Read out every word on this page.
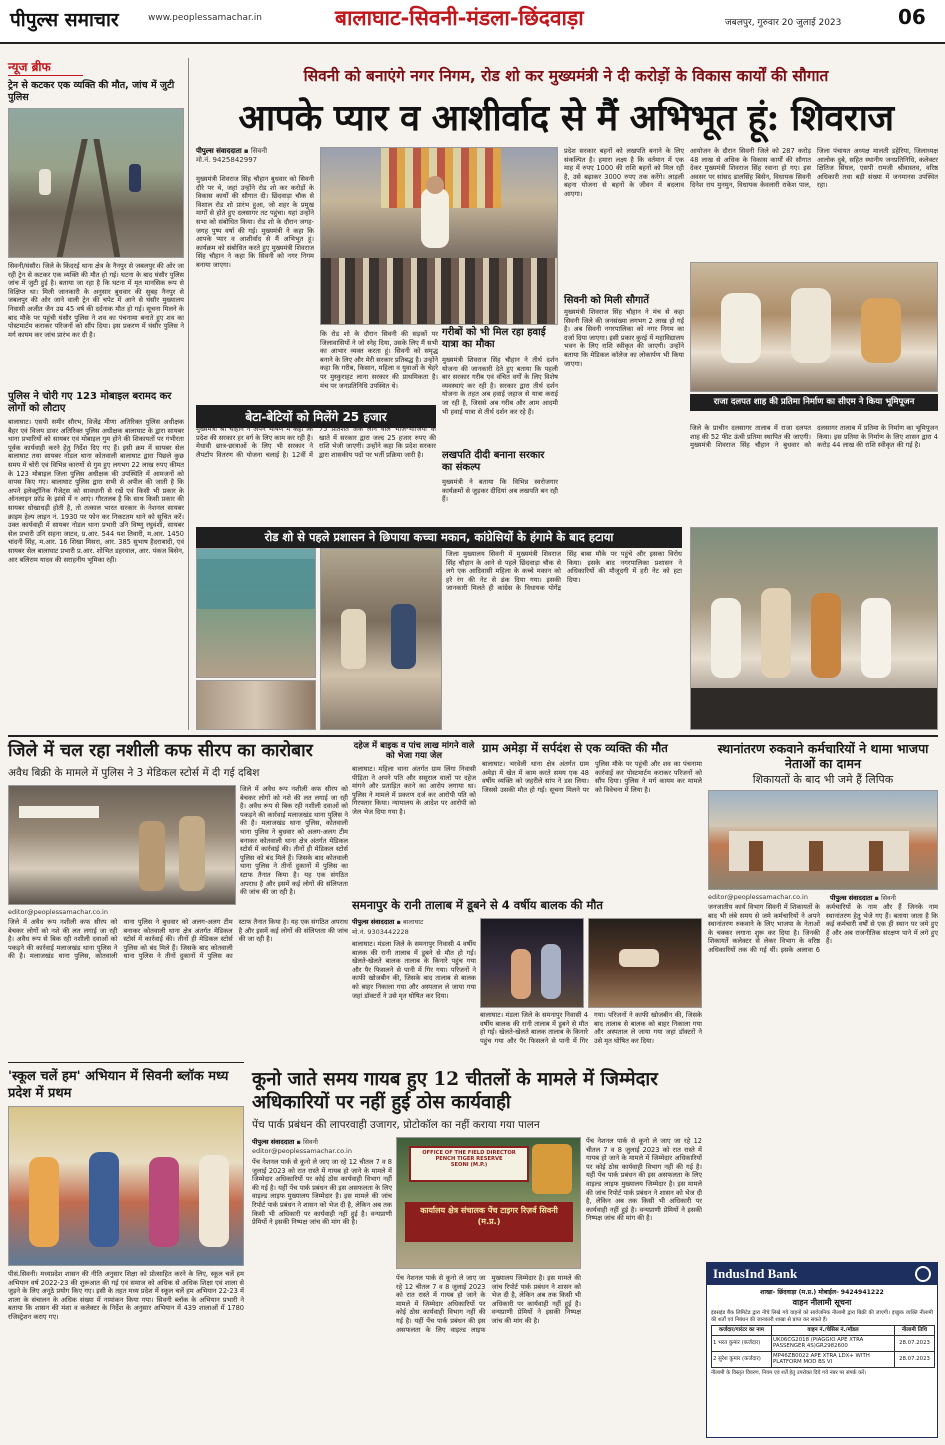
पीपुल्स समाचार	www.peoplessamachar.in	बालाघाट-सिवनी-मंडला-छिंदवाड़ा	जबलपुर, गुरुवार 20 जुलाई 2023	06
न्यूज ब्रीफ
ट्रेन से कटकर एक व्यक्ति की मौत, जांच में जुटी पुलिस
सिवनी/घंसौर। जिले के किंदरई थाना क्षेत्र के नैनपुर से जबलपुर की ओर जा रही ट्रेन से कटकर एक व्यक्ति की मौत हो गई। घटना के बाद घंसौर पुलिस जांच में जुटी हुई है। बताया जा रहा है कि घटना में मृत मानसिक रूप से विक्षिप्त था। मिली जानकारी के अनुसार बुधवार की सुबह नैनपुर से जबलपुर की ओर जाने वाली ट्रेन की चपेट में आने से घंसौर मुख्यालय निवासी अजीत जैन उम्र 45 वर्ष की दर्दनाक मौत हो गई। सूचना मिलने के बाद मौके पर पहुंची घंसौर पुलिस ने शव का पंचनामा बनाते हुए शव का पोस्टमार्टम कराकर परिजनों को सौंप दिया। इस प्रकरण में घंसौर पुलिस ने मर्ग कायम कर जांच प्रारंभ कर दी है।
पुलिस ने चोरी गए 123 मोबाइल बरामद कर लोगों को लौटाए
बालाघाट। एसपी समीर सौरभ, विजेंद्र मीणा अतिरिक्त पुलिस अधीक्षक बैहर एवं विजय डावर अतिरिक्त पुलिस अधीक्षक बालाघाट के द्वारा सायबर थाना प्रभारियों को सायबर एवं मोबाइल गुम होने की शिकायतों पर गंभीरता पूर्वक कार्यवाही करने हेतु निर्देश दिए गए हैं। इसी क्रम में सायबर सेल बालाघाट तथा सायबर नोडल थाना कोतवाली बालाघाट द्वारा पिछले कुछ समय में चोरी एवं विभिन्न कारणों से गुम हुए लगभग 22 लाख रुपए कीमत के 123 मोबाइल जिला पुलिस अधीक्षक की उपस्थिति में आमजनों को वापस किए गए। बालाघाट पुलिस द्वारा सभी से अपील की जाती है कि अपने इलेक्ट्रॉनिक गैजेट्स को सावधानी से रखें एवं किसी भी प्रकार के ऑनलाइन फ्रॉड के झांसे में न आएं। गौरतलब है कि साथ किसी प्रकार की सायबर धोखाधड़ी होती है, तो तत्काल भारत सरकार के नेशनल सायबर क्राइम हेल्प लाइन नं. 1930 पर फोन कर निकटतम थाने को सूचित करें। उक्त कार्यवाही में सायबर नोडल थाना प्रभारी उनि विष्णु रघुवंशी, सायबर सेल प्रभारी उनि सहना जाटव, प्र.आर. 544 यश तिवारी, म.आर. 1450 चांदनी सिंह, म.आर. 16 शिखा मिसरा, आर. 385 सुभाष हैदराबादी, एवं सायबर सेल बालाघाट प्रभारी प्र.आर. शोभित डहरवाल, आर. पंकज बिसेन, आर बलिराम यादव की सराहनीय भूमिका रही।
सिवनी को बनाएंगे नगर निगम, रोड शो कर मुख्यमंत्री ने दी करोड़ों के विकास कार्यों की सौगात
आपके प्यार व आशीर्वाद से मैं अभिभूत हूं: शिवराज
पीपुल्स संवाददाता ▪ सिवनी
मो.नं. 9425842997
मुख्यमंत्री शिवराज सिंह चौहान बुधवार को सिवनी दौरे पर थे, जहां उन्होंने रोड शो कर करोड़ों के विकास कार्यों की सौगात दी। छिंदवाड़ा चौक से विशाल रोड शो प्रारंभ हुआ, जो शहर के प्रमुख मार्गों से होते हुए दलसागर तट पहुंचा। यहां उन्होंने सभा को संबोधित किया। रोड शो के दौरान जगह-जगह पुष्प वर्षा की गई। मुख्यमंत्री ने कहा कि आपके प्यार व आशीर्वाद से मैं अभिभूत हूं। कार्यक्रम को संबोधित करते हुए मुख्यमंत्री शिवराज सिंह चौहान ने कहा कि सिवनी को नगर निगम बनाया जाएगा।
कि रोड शो के दौरान सिवनी की सड़कों पर जिलावासियों ने जो स्नेह दिया, उसके लिए मैं सभी का आभार व्यक्त करता हूं। सिवनी को समृद्ध बनाने के लिए और मेरी सरकार प्रतिबद्ध है। उन्होंने कहा कि गरीब, किसान, महिला व युवाओं के चेहरे पर मुस्कुराहट लाना सरकार की प्राथमिकता है। मंच पर जनप्रतिनिधि उपस्थित थे।
गरीबों को भी मिल रहा हवाई यात्रा का मौका
मुख्यमंत्री शिवराज सिंह चौहान ने तीर्थ दर्शन योजना की जानकारी देते हुए बताया कि पहली बार सरकार गरीब एवं वंचित वर्गों के लिए विशेष व्यवस्थाएं कर रही है। सरकार द्वारा तीर्थ दर्शन योजना के तहत अब हवाई जहाज से यात्रा कराई जा रही है, जिससे अब गरीब और आम आदमी भी हवाई यात्रा से तीर्थ दर्शन कर रहे हैं।
लखपति दीदी बनाना सरकार का संकल्प
मुख्यमंत्री ने बताया कि विभिन्न स्वरोजगार कार्यक्रमों से जुड़कर दीदियां अब लखपति बन रही हैं।
प्रदेश सरकार बहनों को लखपति बनाने के लिए संकल्पित है। हमारा लक्ष्य है कि वर्तमान में एक माह में रुपए 1000 की राशि बहनों को मिल रही है, उसे बढ़ाकर 3000 रुपए तक करेंगे। लाड़ली बहना योजना से बहनों के जीवन में बदलाव आएगा।
सिवनी को मिली सौगातें
मुख्यमंत्री शिवराज सिंह चौहान ने मंच से कहा सिवनी जिले की जनसंख्या लगभग 2 लाख हो गई है। अब सिवनी नगरपालिका को नगर निगम का दर्जा दिया जाएगा। इसी प्रकार कुरई में महाविद्यालय भवन के लिए राशि स्वीकृत की जाएगी। उन्होंने बताया कि मेडिकल कॉलेज का लोकार्पण भी किया जाएगा।
आयोजन के दौरान सिवनी जिले को 287 करोड़ 48 लाख से अधिक के विकास कार्यों की सौगात देकर मुख्यमंत्री शिवराज सिंह रवाना हो गए। इस अवसर पर सांसद ढालसिंह बिसेन, विधायक सिवनी दिनेश राय मुनमुन, विधायक केवलारी राकेश पाल, जिला पंचायत अध्यक्ष मालती डहेरिया, जिलाध्यक्ष आलोक दुबे, सहित स्थानीय जनप्रतिनिधि, कलेक्टर क्षितिज सिंघल, एसपी रामजी श्रीवास्तव, वरिष्ठ अधिकारी तथा बड़ी संख्या में जनमानस उपस्थित रहा।
राजा दलपत शाह की प्रतिमा निर्माण का सीएम ने किया भूमिपूजन
जिले के प्राचीन दलसागर तालाब में राजा दलपत शाह की 52 फीट ऊंची प्रतिमा स्थापित की जाएगी। मुख्यमंत्री शिवराज सिंह चौहान ने बुधवार को दलसागर तालाब में प्रतिमा के निर्माण का भूमिपूजन किया। इस प्रतिमा के निर्माण के लिए शासन द्वारा 4 करोड़ 44 लाख की राशि स्वीकृत की गई है।
बेटा-बेटियों को मिलेंगे 25 हजार
मुख्यमंत्री श्री चौहान ने अपने भाषण में कहा कि प्रदेश की सरकार हर वर्ग के लिए काम कर रही है। मेधावी छात्र-छात्राओं के लिए भी सरकार ने लैपटॉप वितरण की योजना चलाई है। 12वीं में 75 प्रतिशत अंक लाने वाले भांजे-भांजियों के खाते में सरकार द्वारा जल्द 25 हजार रुपए की राशि भेजी जाएगी। उन्होंने कहा कि प्रदेश सरकार द्वारा शासकीय पदों पर भर्ती प्रक्रिया जारी है।
रोड शो से पहले प्रशासन ने छिपाया कच्चा मकान, कांग्रेसियों के हंगामे के बाद हटाया
जिला मुख्यालय सिवनी में मुख्यमंत्री शिवराज सिंह चौहान के आने से पहले छिंदवाड़ा चौक से लगे एक आदिवासी महिला के कच्चे मकान को हरे रंग की नेट से ढंक दिया गया। इसकी जानकारी मिलते ही कांग्रेस के विधायक योगेंद्र सिंह बाबा मौके पर पहुंचे और इसका विरोध किया। इसके बाद नगरपालिका प्रशासन ने अधिकारियों की मौजूदगी में हरी नेट को हटा दिया।
जिले में चल रहा नशीली कफ सीरप का कारोबार
अवैध बिक्री के मामले में पुलिस ने 3 मेडिकल स्टोर्स में दी गई दबिश
editor@peoplessamachar.co.in
जिले में अवैध रूप नशीली कफ सीरप को बेचकर लोगों को नशे की लत लगाई जा रही है। अवैध रूप से बिक रही नशीली दवाओं को पकड़ने की कार्रवाई मलाजखंड थाना पुलिस ने की है। मलाजखंड थाना पुलिस, कोतवाली थाना पुलिस ने बुधवार को अलग-अलग टीम बनाकर कोतवाली थाना क्षेत्र अंतर्गत मेडिकल स्टोर्स में कार्रवाई की। तीनों ही मेडिकल स्टोर्स पुलिस को बंद मिले हैं। जिसके बाद कोतवाली थाना पुलिस ने तीनों दुकानों में पुलिस का स्टाफ तैनात किया है। यह एक संगठित अपराध है और इसमें कई लोगों की संलिप्तता की जांच की जा रही है।
जिले में अवैध रूप नशीली कफ सीरप को बेचकर लोगों को नशे की लत लगाई जा रही है। अवैध रूप से बिक रही नशीली दवाओं को पकड़ने की कार्रवाई मलाजखंड थाना पुलिस ने की है। मलाजखंड थाना पुलिस, कोतवाली थाना पुलिस ने बुधवार को अलग-अलग टीम बनाकर कोतवाली थाना क्षेत्र अंतर्गत मेडिकल स्टोर्स में कार्रवाई की। तीनों ही मेडिकल स्टोर्स पुलिस को बंद मिले हैं। जिसके बाद कोतवाली थाना पुलिस ने तीनों दुकानों में पुलिस का स्टाफ तैनात किया है। यह एक संगठित अपराध है और इसमें कई लोगों की संलिप्तता की जांच की जा रही है।
दहेज में बाइक व पांच लाख मांगने वाले को भेजा गया जेल
बालाघाट। महिला थाना अंतर्गत ग्राम लिंगा निवासी पीड़िता ने अपने पति और ससुराल वालों पर दहेज मांगने और प्रताड़ित करने का आरोप लगाया था। पुलिस ने मामले में प्रकरण दर्ज कर आरोपी पति को गिरफ्तार किया। न्यायालय के आदेश पर आरोपी को जेल भेज दिया गया है।
ग्राम अमेड़ा में सर्पदंश से एक व्यक्ति की मौत
बालाघाट। भरवेली थाना क्षेत्र अंतर्गत ग्राम अमेड़ा में खेत में काम करते समय एक 48 वर्षीय व्यक्ति को जहरीले सांप ने डस लिया। जिससे उसकी मौत हो गई। सूचना मिलने पर पुलिस मौके पर पहुंची और शव का पंचनामा कार्रवाई कर पोस्टमार्टम कराकर परिजनों को सौंप दिया। पुलिस ने मर्ग कायम कर मामले को विवेचना में लिया है।
स्थानांतरण रुकवाने कर्मचारियों ने थामा भाजपा नेताओं का दामन
शिकायतों के बाद भी जमे हैं लिपिक
editor@peoplessamachar.co.in	पीपुल्स संवाददाता ▪ सिवनी
जनजातीय कार्य विभाग सिवनी में शिकायतों के बाद भी लंबे समय से जमे कर्मचारियों ने अपने स्थानांतरण रुकवाने के लिए भाजपा के नेताओं के चक्कर लगाना शुरू कर दिया है। जिनकी शिकायतें कलेक्टर से लेकर विभाग के वरिष्ठ अधिकारियों तक की गई थीं। इसके अलावा 6 कर्मचारियों के नाम और हैं जिनके नाम स्थानांतरण हेतु भेजे गए हैं। बताया जाता है कि कई कर्मचारी वर्षों से एक ही स्थान पर जमे हुए हैं और अब राजनीतिक संरक्षण पाने में लगे हुए हैं।
समनापुर के रानी तालाब में डूबने से 4 वर्षीय बालक की मौत
पीपुल्स संवाददाता ▪ बालाघाट
मो.नं. 9303442228
बालाघाट। मंडला जिले के समनापुर निवासी 4 वर्षीय बालक की रानी तालाब में डूबने से मौत हो गई। खेलते-खेलते बालक तालाब के किनारे पहुंच गया और पैर फिसलने से पानी में गिर गया। परिजनों ने काफी खोजबीन की, जिसके बाद तालाब से बालक को बाहर निकाला गया और अस्पताल ले जाया गया जहां डॉक्टरों ने उसे मृत घोषित कर दिया।
बालाघाट। मंडला जिले के समनापुर निवासी 4 वर्षीय बालक की रानी तालाब में डूबने से मौत हो गई। खेलते-खेलते बालक तालाब के किनारे पहुंच गया और पैर फिसलने से पानी में गिर गया। परिजनों ने काफी खोजबीन की, जिसके बाद तालाब से बालक को बाहर निकाला गया और अस्पताल ले जाया गया जहां डॉक्टरों ने उसे मृत घोषित कर दिया।
'स्कूल चलें हम' अभियान में सिवनी ब्लॉक मध्य प्रदेश में प्रथम
पीसं.सिवनी। मध्यप्रदेश शासन की नीति अनुसार शिक्षा को प्रोत्साहित करने के लिए, स्कूल चलें हम अभियान वर्ष 2022-23 की शुरूआत की गई एवं समाज को अधिक से अधिक शिक्षा एवं शाला से जुड़ने के लिए अनूठे प्रयोग किए गए। इसी के तहत मध्य प्रदेश में स्कूल चलें हम अभियान 22-23 में शाला के संचालन के अधिक संख्या में नामांकन किया गया। सिवनी ब्लॉक के अभियान प्रभारी ने बताया कि शासन की मंशा व कलेक्टर के निर्देश के अनुसार अभियान में 439 शालाओं में 1780 रजिस्ट्रेशन कराए गए।
कूनो जाते समय गायब हुए 12 चीतलों के मामले में जिम्मेदार अधिकारियों पर नहीं हुई ठोस कार्यवाही
पेंच पार्क प्रबंधन की लापरवाही उजागर, प्रोटोकॉल का नहीं कराया गया पालन
पीपुल्स संवाददाता ▪ सिवनी
editor@peoplessamachar.co.in
पेंच नेशनल पार्क से कूनो ले जाए जा रहे 12 चीतल 7 व 8 जुलाई 2023 को रात रास्ते में गायब हो जाने के मामले में जिम्मेदार अधिकारियों पर कोई ठोस कार्यवाही विभाग नहीं की गई है। यहीं पेंच पार्क प्रबंधन की इस असफलता के लिए वाइल्ड लाइफ मुख्यालय जिम्मेदार है। इस मामले की जांच रिपोर्ट पार्क प्रबंधन ने शासन को भेज दी है, लेकिन अब तक किसी भी अधिकारी पर कार्यवाही नहीं हुई है। वन्यप्राणी प्रेमियों ने इसकी निष्पक्ष जांच की मांग की है।
OFFICE OF THE FIELD DIRECTOR
PENCH TIGER RESERVE
SEONI (M.P.)
कार्यालय क्षेत्र संचालक पेंच टाइगर रिज़र्व सिवनी (म.प्र.)
पेंच नेशनल पार्क से कूनो ले जाए जा रहे 12 चीतल 7 व 8 जुलाई 2023 को रात रास्ते में गायब हो जाने के मामले में जिम्मेदार अधिकारियों पर कोई ठोस कार्यवाही विभाग नहीं की गई है। यहीं पेंच पार्क प्रबंधन की इस असफलता के लिए वाइल्ड लाइफ मुख्यालय जिम्मेदार है। इस मामले की जांच रिपोर्ट पार्क प्रबंधन ने शासन को भेज दी है, लेकिन अब तक किसी भी अधिकारी पर कार्यवाही नहीं हुई है। वन्यप्राणी प्रेमियों ने इसकी निष्पक्ष जांच की मांग की है।
पेंच नेशनल पार्क से कूनो ले जाए जा रहे 12 चीतल 7 व 8 जुलाई 2023 को रात रास्ते में गायब हो जाने के मामले में जिम्मेदार अधिकारियों पर कोई ठोस कार्यवाही विभाग नहीं की गई है। यहीं पेंच पार्क प्रबंधन की इस असफलता के लिए वाइल्ड लाइफ मुख्यालय जिम्मेदार है। इस मामले की जांच रिपोर्ट पार्क प्रबंधन ने शासन को भेज दी है, लेकिन अब तक किसी भी अधिकारी पर कार्यवाही नहीं हुई है। वन्यप्राणी प्रेमियों ने इसकी निष्पक्ष जांच की मांग की है।
IndusInd Bank
शाखा- छिंदवाड़ा (म.प्र.) मोबाईल- 9424941222
वाहन नीलामी सूचना
इंडसइंड बैंक लिमिटेड द्वारा नीचे लिखे गये वाहनों को सार्वजनिक नीलामी द्वारा बिक्री की जाएगी। इच्छुक व्यक्ति नीलामी की शर्तों एवं निबंधन की जानकारी शाखा से प्राप्त कर सकते हैं।
कर्जदार/गारंटर का नाम	वाहन नं./चेसिस नं./मॉडल	नीलामी तिथि
1 भरत कुमार (कर्जदार)	UK06CG2018 (PIAGGIO APE XTRA PASSENGER 4S)GR2982600	28.07.2023
2 सुरेश कुमार (कर्जदार)	MP46ZB0022 APE XTRA LDX+ WITH PLATFORM MOD BS VI	28.07.2023
नीलामी के विस्तृत विवरण, नियम एवं शर्तें हेतु उपरोक्त दिये गये नंबर पर संपर्क करें।
